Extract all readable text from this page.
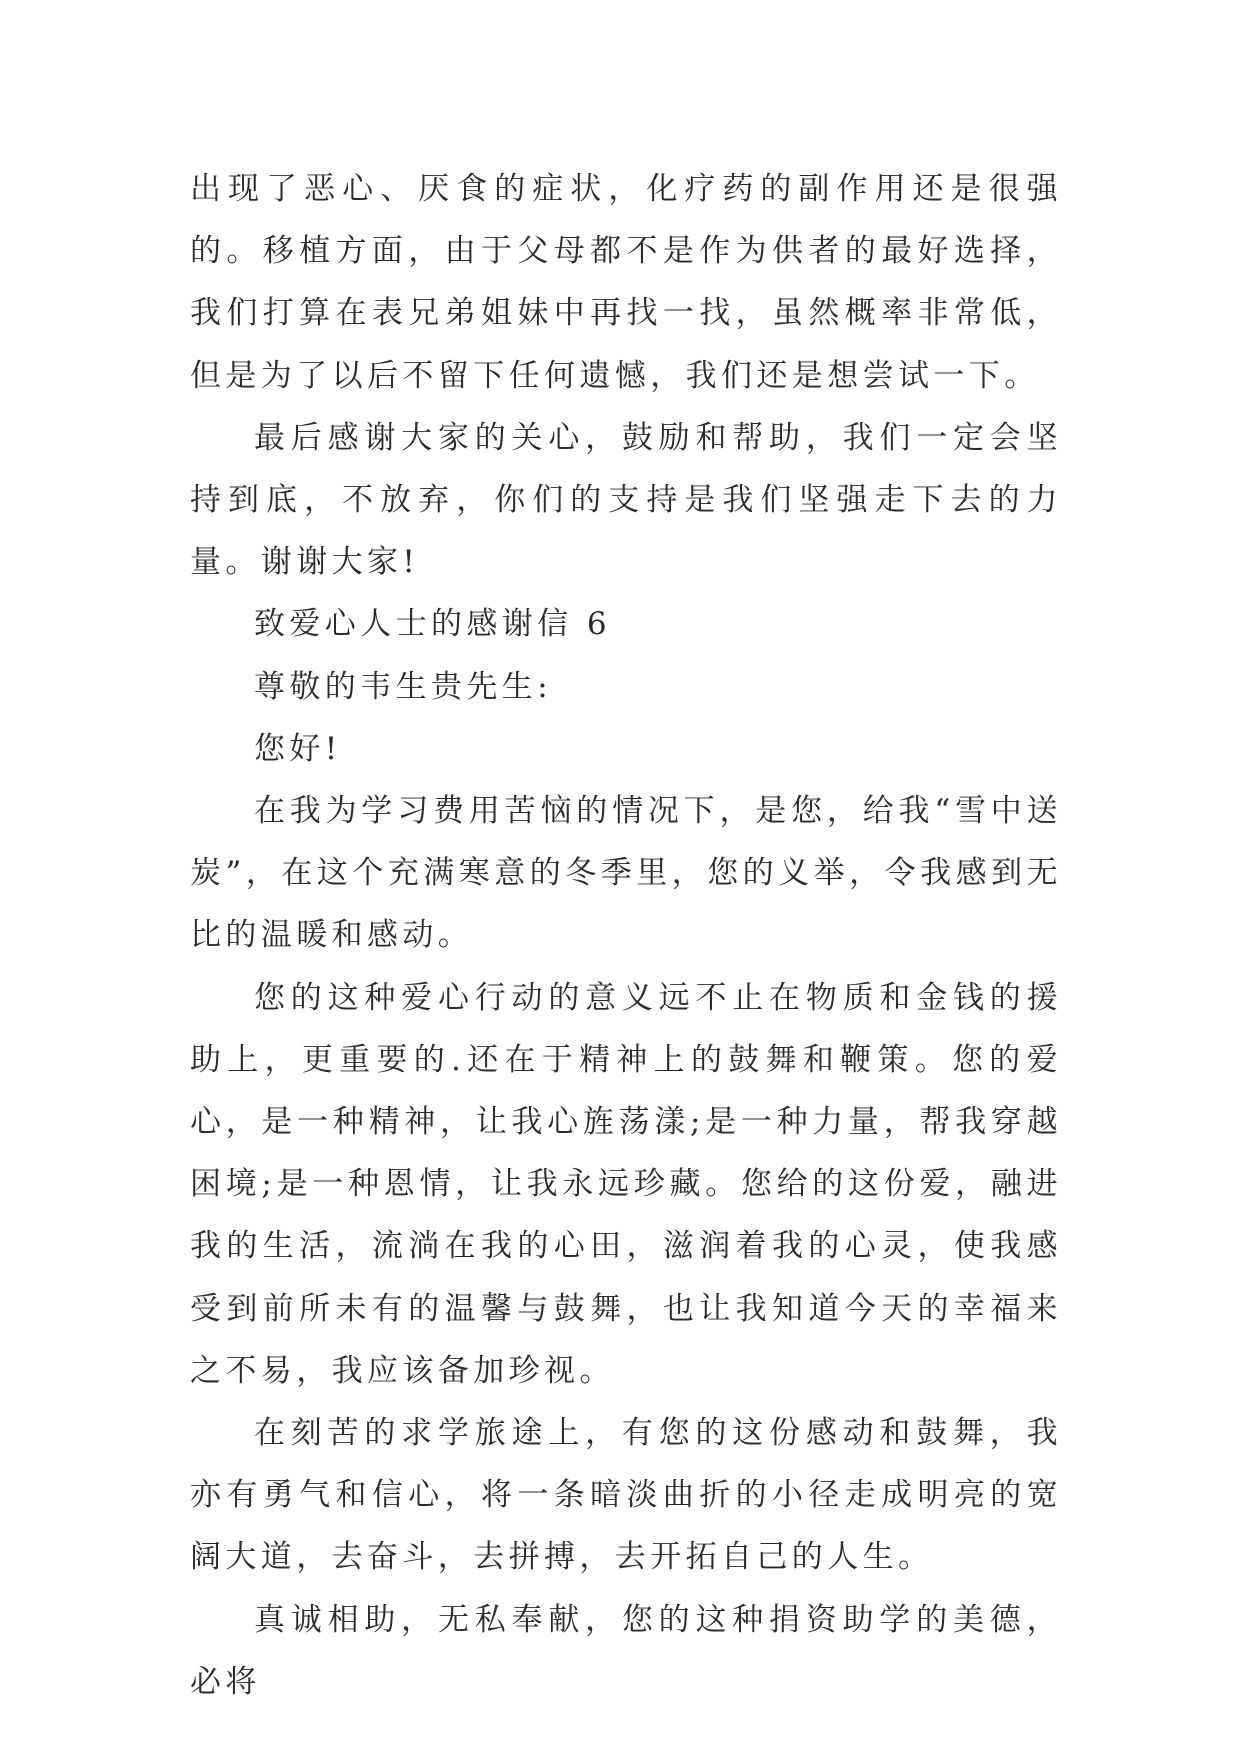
出现了恶心、厌食的症状，化疗药的副作用还是很强的。移植方面，由于父母都不是作为供者的最好选择，我们打算在表兄弟姐妹中再找一找，虽然概率非常低，但是为了以后不留下任何遗憾，我们还是想尝试一下。

最后感谢大家的关心，鼓励和帮助，我们一定会坚持到底，不放弃，你们的支持是我们坚强走下去的力量。谢谢大家!

致爱心人士的感谢信 6

尊敬的韦生贵先生:

您好!

在我为学习费用苦恼的情况下，是您，给我“雪中送炭”，在这个充满寒意的冬季里，您的义举，令我感到无比的温暖和感动。

您的这种爱心行动的意义远不止在物质和金钱的援助上，更重要的.还在于精神上的鼓舞和鞭策。您的爱心，是一种精神，让我心旌荡漾;是一种力量，帮我穿越困境;是一种恩情，让我永远珍藏。您给的这份爱，融进我的生活，流淌在我的心田，滋润着我的心灵，使我感受到前所未有的温馨与鼓舞，也让我知道今天的幸福来之不易，我应该备加珍视。

在刻苦的求学旅途上，有您的这份感动和鼓舞，我亦有勇气和信心，将一条暗淡曲折的小径走成明亮的宽阔大道，去奋斗，去拼搏，去开拓自己的人生。

真诚相助，无私奉献，您的这种捐资助学的美德，必将
